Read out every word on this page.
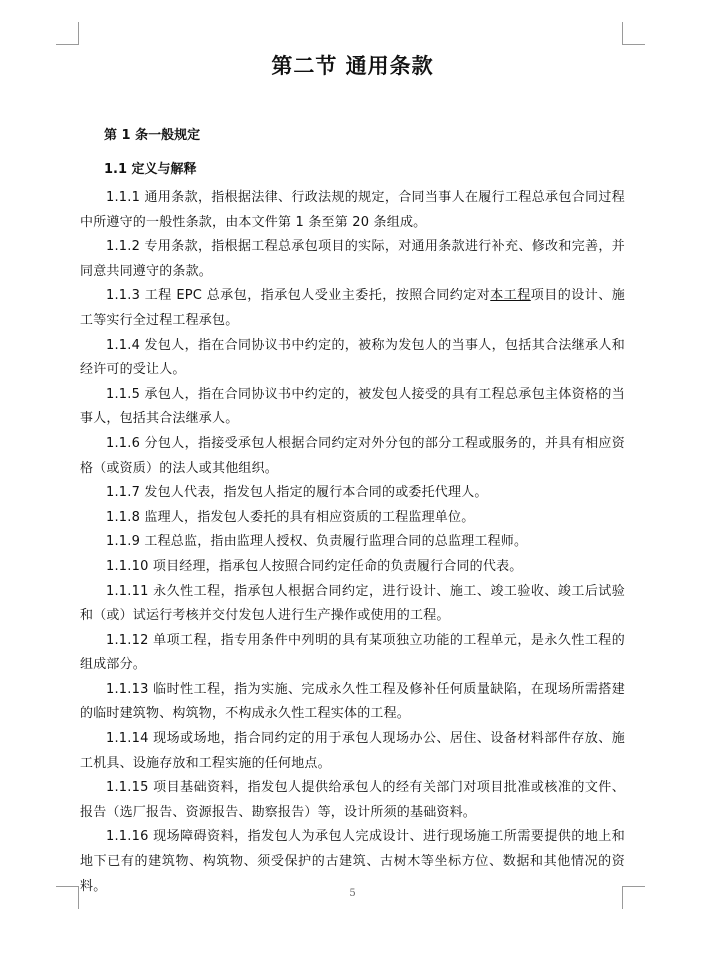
第二节 通用条款
第 1 条一般规定
1.1 定义与解释

1.1.1 通用条款，指根据法律、行政法规的规定，合同当事人在履行工程总承包合同过程中所遵守的一般性条款，由本文件第 1 条至第 20 条组成。

1.1.2 专用条款，指根据工程总承包项目的实际，对通用条款进行补充、修改和完善，并同意共同遵守的条款。

1.1.3 工程 EPC 总承包，指承包人受业主委托，按照合同约定对本工程项目的设计、施工等实行全过程工程承包。

1.1.4 发包人，指在合同协议书中约定的，被称为发包人的当事人，包括其合法继承人和经许可的受让人。

1.1.5 承包人，指在合同协议书中约定的，被发包人接受的具有工程总承包主体资格的当事人，包括其合法继承人。

1.1.6 分包人，指接受承包人根据合同约定对外分包的部分工程或服务的，并具有相应资格（或资质）的法人或其他组织。

1.1.7 发包人代表，指发包人指定的履行本合同的或委托代理人。

1.1.8 监理人，指发包人委托的具有相应资质的工程监理单位。

1.1.9 工程总监，指由监理人授权、负责履行监理合同的总监理工程师。

1.1.10 项目经理，指承包人按照合同约定任命的负责履行合同的代表。

1.1.11 永久性工程，指承包人根据合同约定，进行设计、施工、竣工验收、竣工后试验和（或）试运行考核并交付发包人进行生产操作或使用的工程。

1.1.12 单项工程，指专用条件中列明的具有某项独立功能的工程单元，是永久性工程的组成部分。

1.1.13 临时性工程，指为实施、完成永久性工程及修补任何质量缺陷，在现场所需搭建的临时建筑物、构筑物，不构成永久性工程实体的工程。

1.1.14 现场或场地，指合同约定的用于承包人现场办公、居住、设备材料部件存放、施工机具、设施存放和工程实施的任何地点。

1.1.15 项目基础资料，指发包人提供给承包人的经有关部门对项目批准或核准的文件、报告（选厂报告、资源报告、勘察报告）等，设计所须的基础资料。

1.1.16 现场障碍资料，指发包人为承包人完成设计、进行现场施工所需要提供的地上和地下已有的建筑物、构筑物、须受保护的古建筑、古树木等坐标方位、数据和其他情况的资料。	5
